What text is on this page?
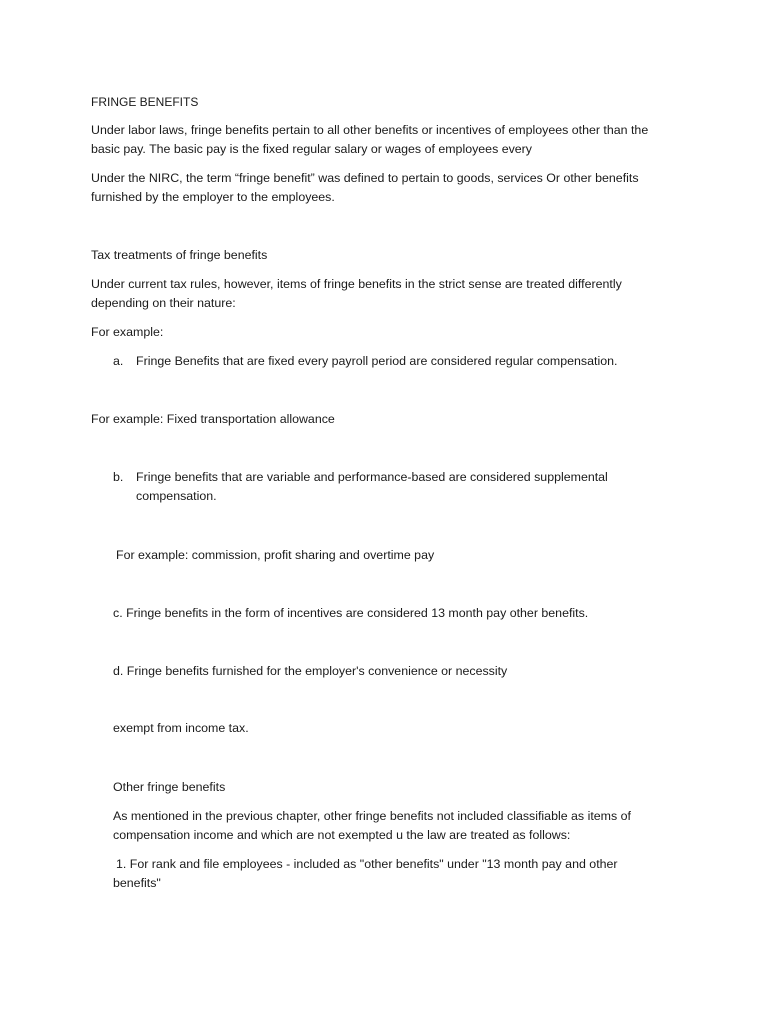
FRINGE BENEFITS
Under labor laws, fringe benefits pertain to all other benefits or incentives of employees other than the
basic pay. The basic pay is the fixed regular salary or wages of employees every
Under the NIRC, the term “fringe benefit” was defined to pertain to goods, services Or other benefits
furnished by the employer to the employees.
Tax treatments of fringe benefits
Under current tax rules, however, items of fringe benefits in the strict sense are treated differently
depending on their nature:
For example:
a. Fringe Benefits that are fixed every payroll period are considered regular compensation.
For example: Fixed transportation allowance
b. Fringe benefits that are variable and performance-based are considered supplemental
compensation.
For example: commission, profit sharing and overtime pay
c. Fringe benefits in the form of incentives are considered 13 month pay other benefits.
d. Fringe benefits furnished for the employer's convenience or necessity
exempt from income tax.
Other fringe benefits
As mentioned in the previous chapter, other fringe benefits not included classifiable as items of
compensation income and which are not exempted u the law are treated as follows:
1. For rank and file employees - included as "other benefits" under "13 month pay and other
benefits"
